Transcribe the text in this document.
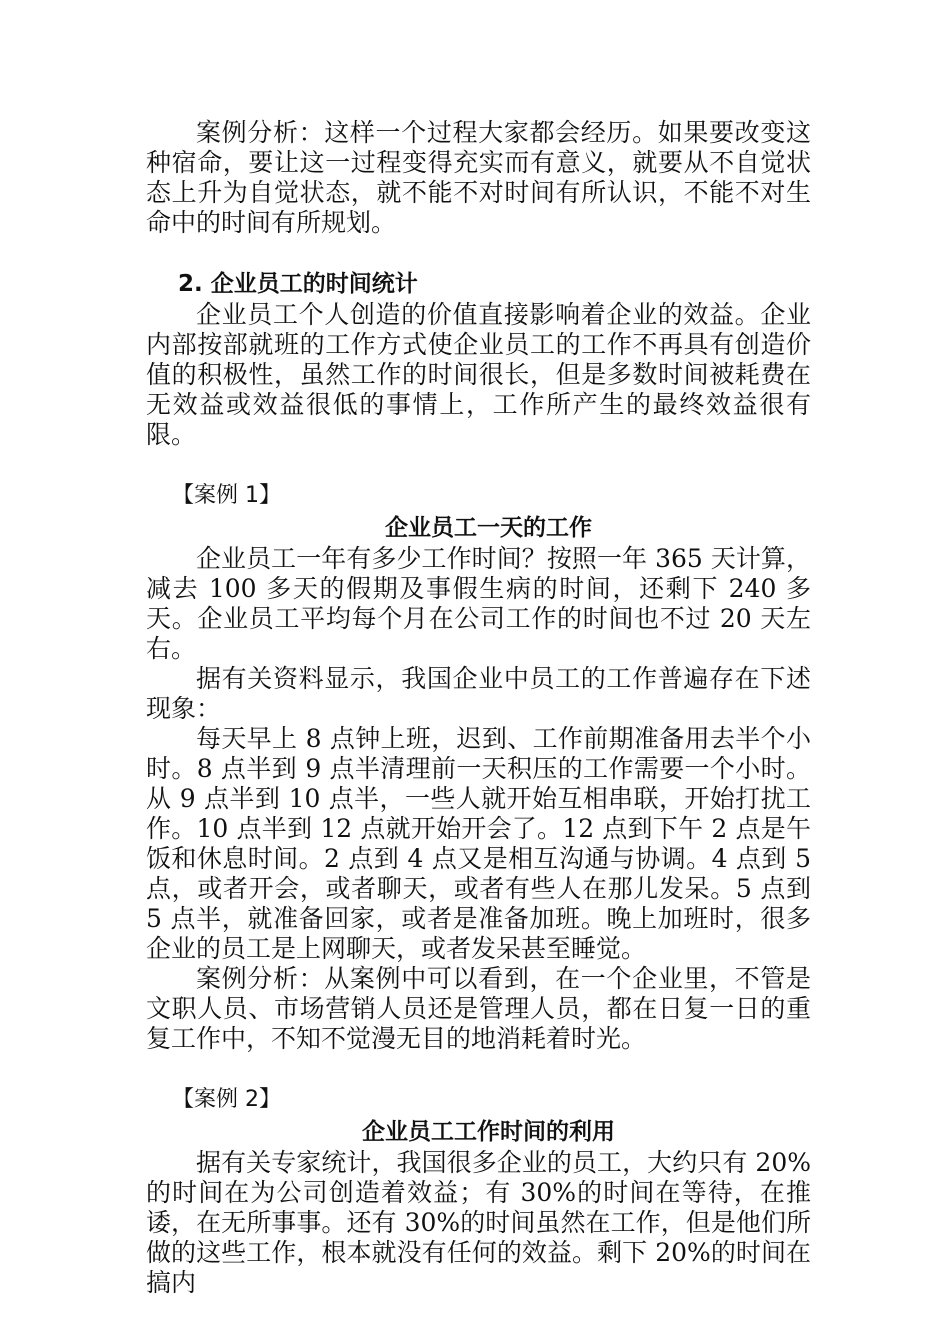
案例分析：这样一个过程大家都会经历。如果要改变这种宿命，要让这一过程变得充实而有意义，就要从不自觉状态上升为自觉状态，就不能不对时间有所认识，不能不对生命中的时间有所规划。

2. 企业员工的时间统计

企业员工个人创造的价值直接影响着企业的效益。企业内部按部就班的工作方式使企业员工的工作不再具有创造价值的积极性，虽然工作的时间很长，但是多数时间被耗费在无效益或效益很低的事情上，工作所产生的最终效益很有限。

【案例 1】

企业员工一天的工作

企业员工一年有多少工作时间？按照一年 365 天计算，减去 100 多天的假期及事假生病的时间，还剩下 240 多天。企业员工平均每个月在公司工作的时间也不过 20 天左右。

据有关资料显示，我国企业中员工的工作普遍存在下述现象：

每天早上 8 点钟上班，迟到、工作前期准备用去半个小时。8 点半到 9 点半清理前一天积压的工作需要一个小时。从 9 点半到 10 点半，一些人就开始互相串联，开始打扰工作。10 点半到 12 点就开始开会了。12 点到下午 2 点是午饭和休息时间。2 点到 4 点又是相互沟通与协调。4 点到 5 点，或者开会，或者聊天，或者有些人在那儿发呆。5 点到 5 点半，就准备回家，或者是准备加班。晚上加班时，很多企业的员工是上网聊天，或者发呆甚至睡觉。

案例分析：从案例中可以看到，在一个企业里，不管是文职人员、市场营销人员还是管理人员，都在日复一日的重复工作中，不知不觉漫无目的地消耗着时光。

【案例 2】

企业员工工作时间的利用

据有关专家统计，我国很多企业的员工，大约只有 20%的时间在为公司创造着效益；有 30%的时间在等待，在推诿，在无所事事。还有 30%的时间虽然在工作，但是他们所做的这些工作，根本就没有任何的效益。剩下 20%的时间在搞内
